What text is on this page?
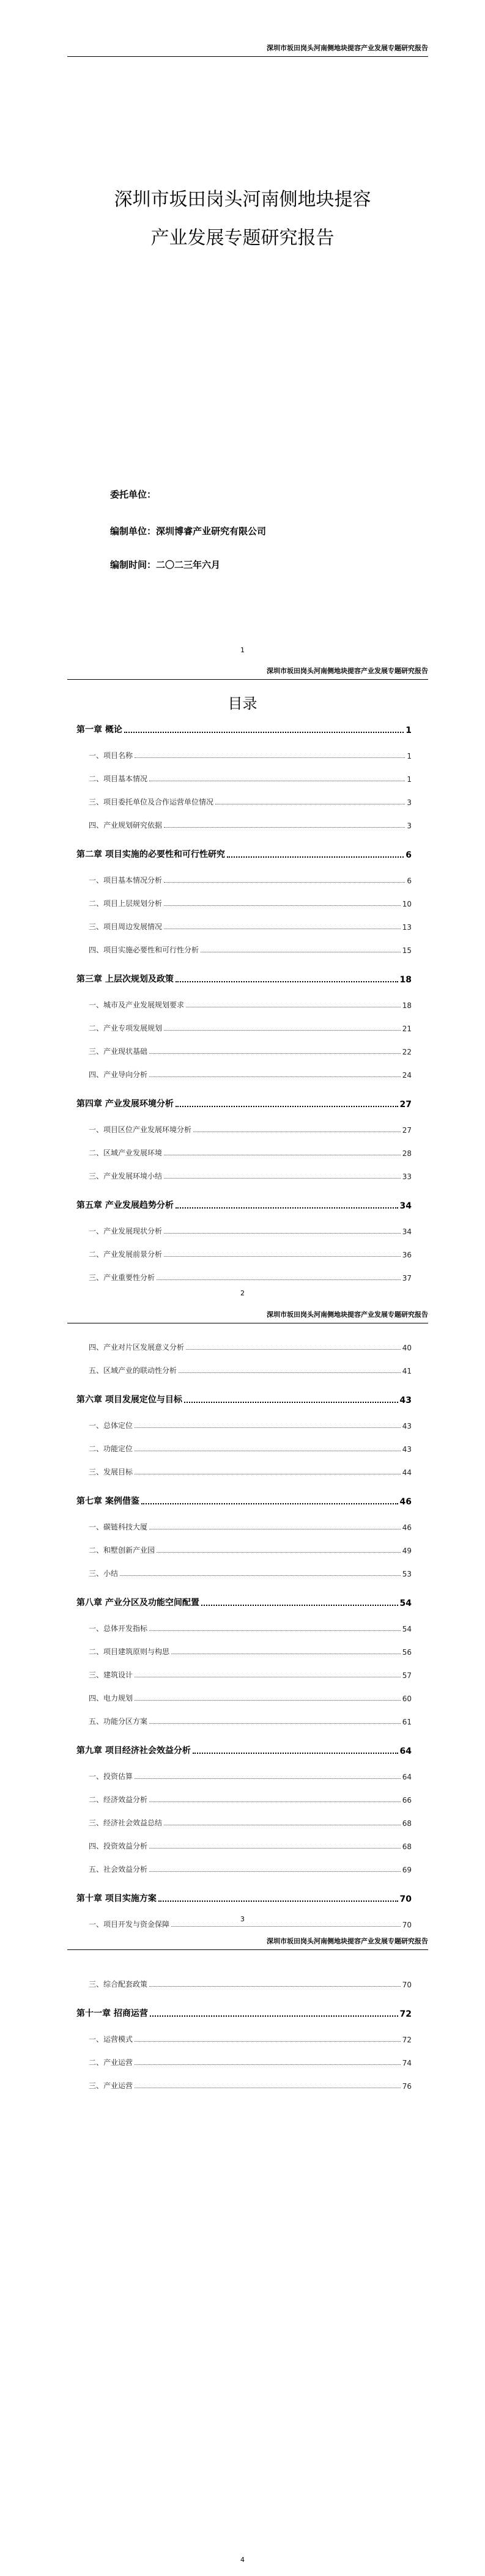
深圳市坂田岗头河南侧地块提容产业发展专题研究报告
深圳市坂田岗头河南侧地块提容
产业发展专题研究报告
委托单位：
编制单位：深圳博睿产业研究有限公司
编制时间：二〇二三年六月
1
深圳市坂田岗头河南侧地块提容产业发展专题研究报告
目录
第一章 概论	1
一、项目名称	1
二、项目基本情况	1
三、项目委托单位及合作运营单位情况	3
四、产业规划研究依据	3
第二章 项目实施的必要性和可行性研究	6
一、项目基本情况分析	6
二、项目上层规划分析	10
三、项目周边发展情况	13
四、项目实施必要性和可行性分析	15
第三章 上层次规划及政策	18
一、城市及产业发展规划要求	18
二、产业专项发展规划	21
三、产业现状基础	22
四、产业导向分析	24
第四章 产业发展环境分析	27
一、项目区位产业发展环境分析	27
二、区域产业发展环境	28
三、产业发展环境小结	33
第五章 产业发展趋势分析	34
一、产业发展现状分析	34
二、产业发展前景分析	36
三、产业重要性分析	37
2
深圳市坂田岗头河南侧地块提容产业发展专题研究报告
四、产业对片区发展意义分析	40
五、区域产业的联动性分析	41
第六章 项目发展定位与目标	43
一、总体定位	43
二、功能定位	43
三、发展目标	44
第七章 案例借鉴	46
一、碳链科技大厦	46
二、和墅创新产业园	49
三、小结	53
第八章 产业分区及功能空间配置	54
一、总体开发指标	54
二、项目建筑原则与构思	56
三、建筑设计	57
四、电力规划	60
五、功能分区方案	61
第九章 项目经济社会效益分析	64
一、投资估算	64
二、经济效益分析	66
三、经济社会效益总结	68
四、投资效益分析	68
五、社会效益分析	69
第十章 项目实施方案	70
一、项目开发与资金保障	70
3
深圳市坂田岗头河南侧地块提容产业发展专题研究报告
三、综合配套政策	70
第十一章 招商运营	72
一、运营模式	72
二、产业运营	74
三、产业运营	76
4
